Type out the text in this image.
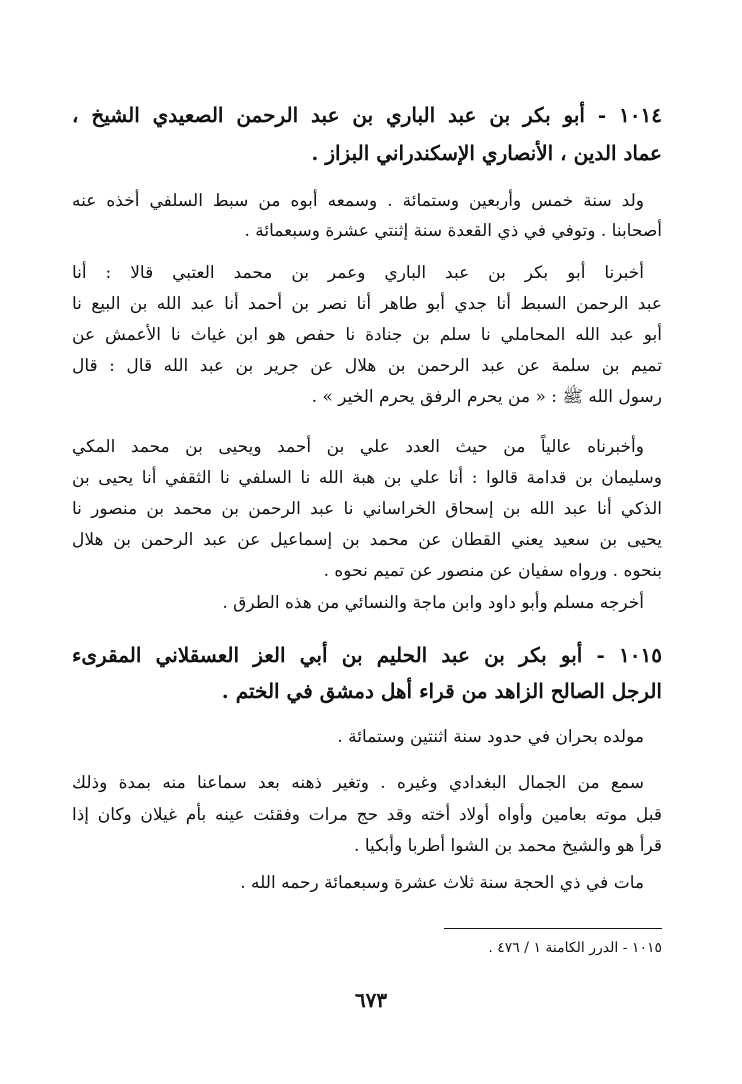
١٠١٤ - أبو بكر بن عبد الباري بن عبد الرحمن الصعيدي الشيخ ،
عماد الدين ، الأنصاري الإسكندراني البزاز .
ولد سنة خمس وأربعين وستمائة . وسمعه أبوه من سبط السلفي أخذه عنه
أصحابنا . وتوفي في ذي القعدة سنة إثنتي عشرة وسبعمائة .
أخبرنا أبو بكر بن عبد الباري وعمر بن محمد العتبي قالا : أنا
عبد الرحمن السبط أنا جدي أبو طاهر أنا نصر بن أحمد أنا عبد الله بن البيع نا
أبو عبد الله المحاملي نا سلم بن جنادة نا حفص هو ابن غياث نا الأعمش عن
تميم بن سلمة عن عبد الرحمن بن هلال عن جرير بن عبد الله قال : قال
رسول الله ﷺ : « من يحرم الرفق يحرم الخير » .
وأخبرناه عالياً من حيث العدد علي بن أحمد ويحيى بن محمد المكي
وسليمان بن قدامة قالوا : أنا علي بن هبة الله نا السلفي نا الثقفي أنا يحيى بن
الذكي أنا عبد الله بن إسحاق الخراساني نا عبد الرحمن بن محمد بن منصور نا
يحيى بن سعيد يعني القطان عن محمد بن إسماعيل عن عبد الرحمن بن هلال
بنحوه . ورواه سفيان عن منصور عن تميم نحوه .
أخرجه مسلم وأبو داود وابن ماجة والنسائي من هذه الطرق .
١٠١٥ - أبو بكر بن عبد الحليم بن أبي العز العسقلاني المقرىء
الرجل الصالح الزاهد من قراء أهل دمشق في الختم .
مولده بحران في حدود سنة اثنتين وستمائة .
سمع من الجمال البغدادي وغيره . وتغير ذهنه بعد سماعنا منه بمدة وذلك
قبل موته بعامين وأواه أولاد أخته وقد حج مرات وفقئت عينه بأم غيلان وكان إذا
قرأ هو والشيخ محمد بن الشوا أطربا وأبكيا .
مات في ذي الحجة سنة ثلاث عشرة وسبعمائة رحمه الله .
١٠١٥ - الدرر الكامنة ١ / ٤٧٦ .
٦٧٣
